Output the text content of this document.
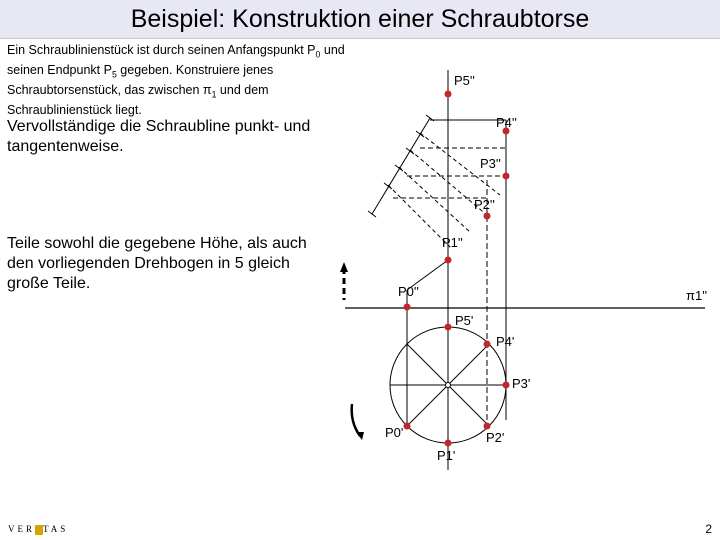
Beispiel: Konstruktion einer Schraubtorse
Ein Schraublinienstück ist durch seinen Anfangspunkt $P_0$ und seinen Endpunkt $P_5$ gegeben. Konstruiere jenes Schraubtorsenstück, das zwischen $\pi_1$ und dem Schraublinienstück liegt.
Vervollständige die Schraubline punkt- und tangentenweise.
Teile sowohl die gegebene Höhe, als auch den vorliegenden Drehbogen in 5 gleich große Teile.
P5''
P4''
P3''
P2''
P1''
P0''	π1''
P5'
P4'
P3'
P2'
P1'
P0'
VER TAS	2
